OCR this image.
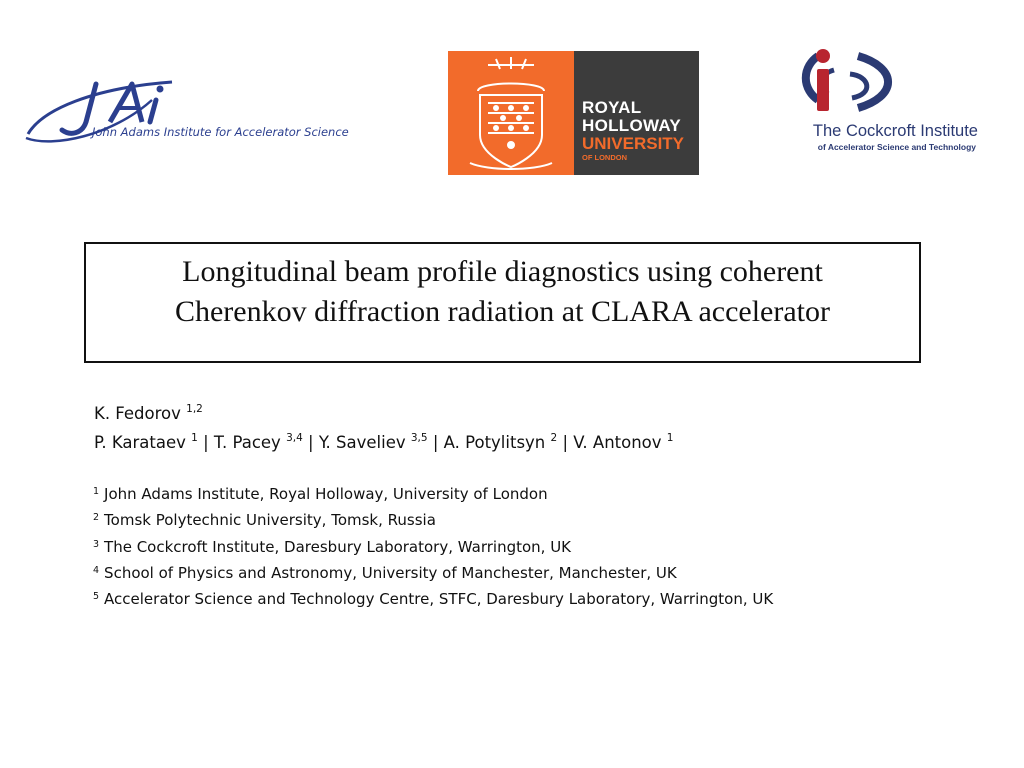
John Adams Institute for Accelerator Science
ROYAL
HOLLOWAY
UNIVERSITY
OF LONDON
The Cockcroft Institute
of Accelerator Science and Technology
Longitudinal beam profile diagnostics using coherent
Cherenkov diffraction radiation at CLARA accelerator
K. Fedorov $^{1,2}$
P. Karataev $^1$ | T. Pacey $^{3,4}$ | Y. Saveliev $^{3,5}$ | A. Potylitsyn $^2$ | V. Antonov $^1$
$^1$ John Adams Institute, Royal Holloway, University of London
$^2$ Tomsk Polytechnic University, Tomsk, Russia
$^3$ The Cockcroft Institute, Daresbury Laboratory, Warrington, UK
$^4$ School of Physics and Astronomy, University of Manchester, Manchester, UK
$^5$ Accelerator Science and Technology Centre, STFC, Daresbury Laboratory, Warrington, UK
